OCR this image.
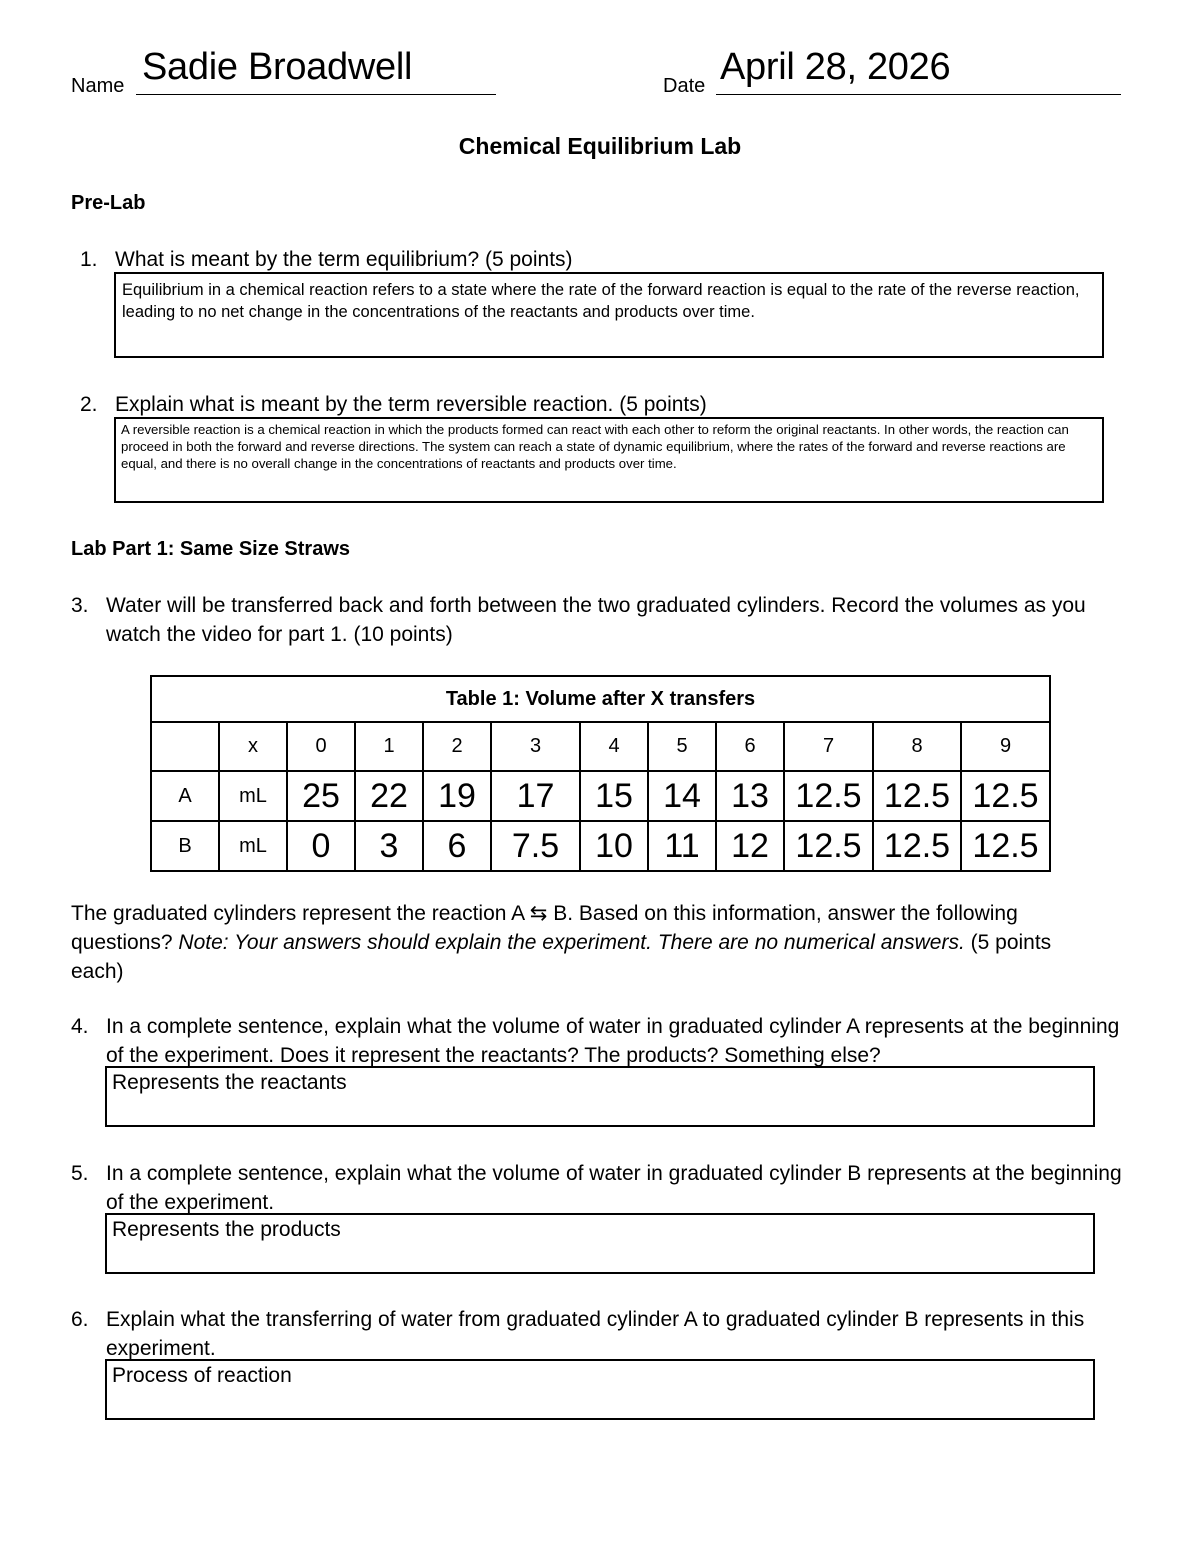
Name Sadie Broadwell	Date April 28, 2026
Chemical Equilibrium Lab
Pre-Lab
1. What is meant by the term equilibrium? (5 points)
Equilibrium in a chemical reaction refers to a state where the rate of the forward reaction is equal to the rate of the reverse reaction, leading to no net change in the concentrations of the reactants and products over time.
2. Explain what is meant by the term reversible reaction. (5 points)
A reversible reaction is a chemical reaction in which the products formed can react with each other to reform the original reactants. In other words, the reaction can proceed in both the forward and reverse directions. The system can reach a state of dynamic equilibrium, where the rates of the forward and reverse reactions are equal, and there is no overall change in the concentrations of reactants and products over time.
Lab Part 1: Same Size Straws
3. Water will be transferred back and forth between the two graduated cylinders. Record the volumes as you watch the video for part 1. (10 points)
Table 1: Volume after X transfers											
	x	0	1	2	3	4	5	6	7	8	9
A	mL	25	22	19	17	15	14	13	12.5	12.5	12.5
B	mL	0	3	6	7.5	10	11	12	12.5	12.5	12.5
The graduated cylinders represent the reaction A ⇆ B. Based on this information, answer the following questions? Note: Your answers should explain the experiment. There are no numerical answers. (5 points each)
4. In a complete sentence, explain what the volume of water in graduated cylinder A represents at the beginning of the experiment. Does it represent the reactants? The products? Something else?
Represents the reactants
5. In a complete sentence, explain what the volume of water in graduated cylinder B represents at the beginning of the experiment.
Represents the products
6. Explain what the transferring of water from graduated cylinder A to graduated cylinder B represents in this experiment.
Process of reaction
